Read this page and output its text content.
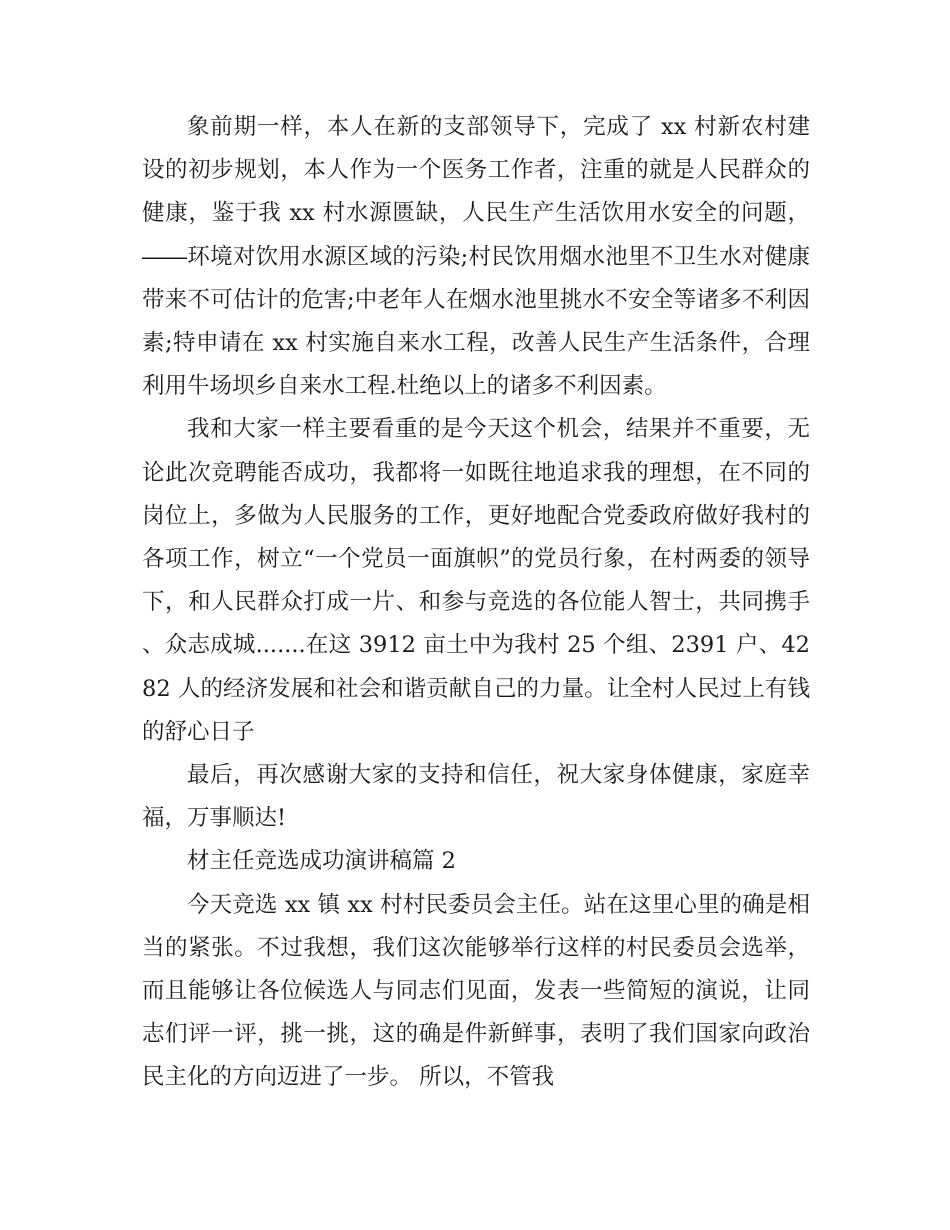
象前期一样，本人在新的支部领导下，完成了 xx 村新农村建设的初步规划，本人作为一个医务工作者，注重的就是人民群众的健康，鉴于我 xx 村水源匮缺，人民生产生活饮用水安全的问题，――环境对饮用水源区域的污染;村民饮用烟水池里不卫生水对健康带来不可估计的危害;中老年人在烟水池里挑水不安全等诸多不利因素;特申请在 xx 村实施自来水工程，改善人民生产生活条件，合理利用牛场坝乡自来水工程.杜绝以上的诸多不利因素。

我和大家一样主要看重的是今天这个机会，结果并不重要，无论此次竞聘能否成功，我都将一如既往地追求我的理想，在不同的岗位上，多做为人民服务的工作，更好地配合党委政府做好我村的各项工作，树立“一个党员一面旗帜”的党员行象，在村两委的领导下，和人民群众打成一片、和参与竞选的各位能人智士，共同携手、众志成城.......在这 3912 亩土中为我村 25 个组、2391 户、4282 人的经济发展和社会和谐贡献自己的力量。让全村人民过上有钱的舒心日子

最后，再次感谢大家的支持和信任，祝大家身体健康，家庭幸福，万事顺达!

材主任竞选成功演讲稿篇 2

今天竞选 xx 镇 xx 村村民委员会主任。站在这里心里的确是相当的紧张。不过我想，我们这次能够举行这样的村民委员会选举，而且能够让各位候选人与同志们见面，发表一些简短的演说，让同志们评一评，挑一挑，这的确是件新鲜事，表明了我们国家向政治民主化的方向迈进了一步。 所以，不管我
